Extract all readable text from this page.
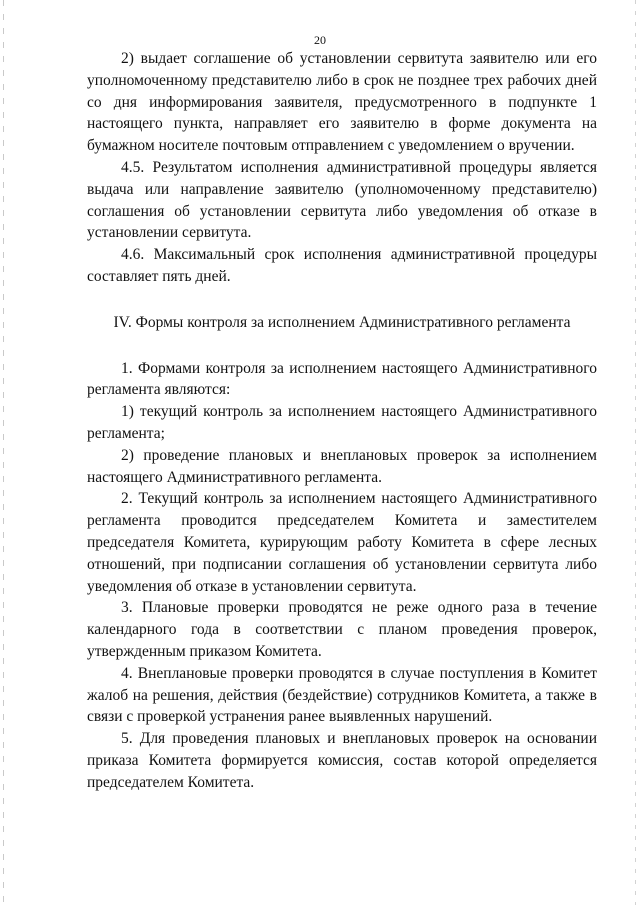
20

2) выдает соглашение об установлении сервитута заявителю или его уполномоченному представителю либо в срок не позднее трех рабочих дней со дня информирования заявителя, предусмотренного в подпункте 1 настоящего пункта, направляет его заявителю в форме документа на бумажном носителе почтовым отправлением с уведомлением о вручении.

4.5. Результатом исполнения административной процедуры является выдача или направление заявителю (уполномоченному представителю) соглашения об установлении сервитута либо уведомления об отказе в установлении сервитута.

4.6. Максимальный срок исполнения административной процедуры составляет пять дней.

IV. Формы контроля за исполнением Административного регламента

1. Формами контроля за исполнением настоящего Административного регламента являются:

1) текущий контроль за исполнением настоящего Административного регламента;

2) проведение плановых и внеплановых проверок за исполнением настоящего Административного регламента.

2. Текущий контроль за исполнением настоящего Административного регламента проводится председателем Комитета и заместителем председателя Комитета, курирующим работу Комитета в сфере лесных отношений, при подписании соглашения об установлении сервитута либо уведомления об отказе в установлении сервитута.

3. Плановые проверки проводятся не реже одного раза в течение календарного года в соответствии с планом проведения проверок, утвержденным приказом Комитета.

4. Внеплановые проверки проводятся в случае поступления в Комитет жалоб на решения, действия (бездействие) сотрудников Комитета, а также в связи с проверкой устранения ранее выявленных нарушений.

5. Для проведения плановых и внеплановых проверок на основании приказа Комитета формируется комиссия, состав которой определяется председателем Комитета.
